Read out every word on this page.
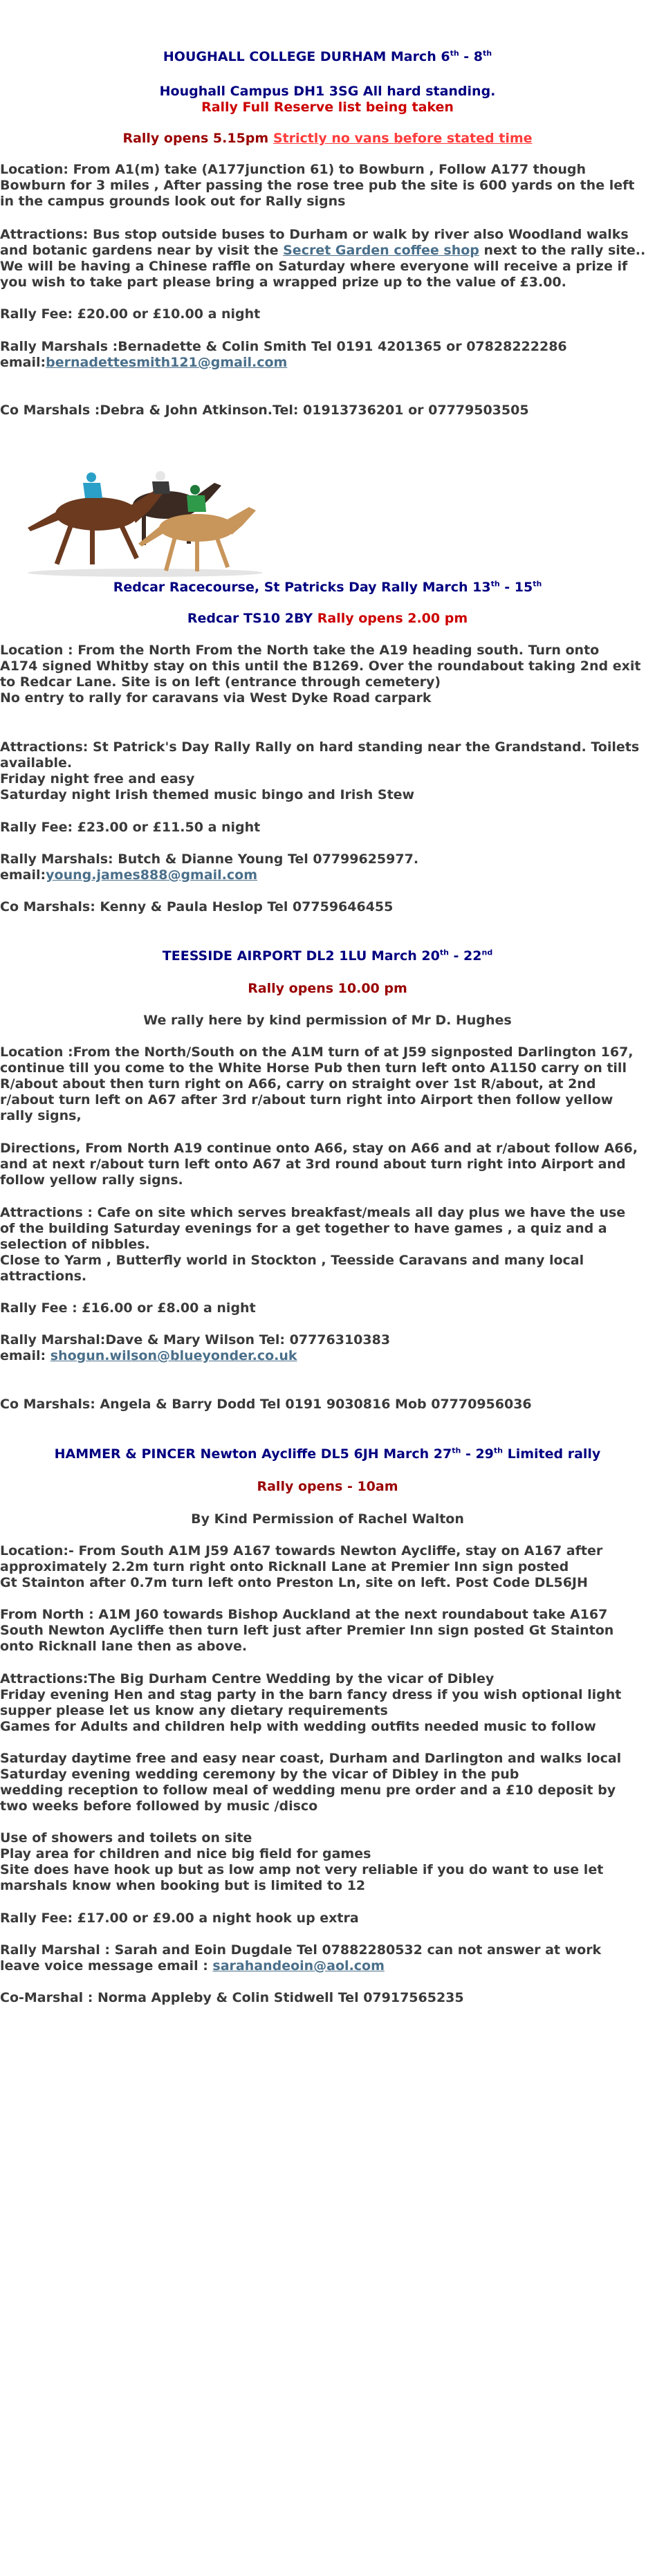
HOUGHALL COLLEGE DURHAM March 6th - 8th

Houghall Campus DH1 3SG All hard standing.

Rally Full Reserve list being taken

Rally opens 5.15pm Strictly no vans before stated time

Location: From A1(m) take (A177junction 61) to Bowburn , Follow A177 though

Bowburn for 3 miles , After passing the rose tree pub the site is 600 yards on the left

in the campus grounds look out for Rally signs

Attractions: Bus stop outside buses to Durham or walk by river also Woodland walks

and botanic gardens near by visit the Secret Garden coffee shop next to the rally site..

We will be having a Chinese raffle on Saturday where everyone will receive a prize if

you wish to take part please bring a wrapped prize up to the value of £3.00.

Rally Fee: £20.00 or £10.00 a night

Rally Marshals :Bernadette & Colin Smith Tel 0191 4201365 or 07828222286

email:bernadettesmith121@gmail.com

Co Marshals :Debra & John Atkinson.Tel: 01913736201 or 07779503505

Redcar Racecourse, St Patricks Day Rally March 13th - 15th

Redcar TS10 2BY Rally opens 2.00 pm

Location : From the North From the North take the A19 heading south. Turn onto

A174 signed Whitby stay on this until the B1269. Over the roundabout taking 2nd exit

to Redcar Lane. Site is on left (entrance through cemetery)

No entry to rally for caravans via West Dyke Road carpark

Attractions: St Patrick's Day Rally Rally on hard standing near the Grandstand. Toilets

available.

Friday night free and easy

Saturday night Irish themed music bingo and Irish Stew

Rally Fee: £23.00 or £11.50 a night

Rally Marshals: Butch & Dianne Young Tel 07799625977.

email:young.james888@gmail.com

Co Marshals: Kenny & Paula Heslop Tel 07759646455

TEESSIDE AIRPORT DL2 1LU March 20th - 22nd

Rally opens 10.00 pm

We rally here by kind permission of Mr D. Hughes

Location :From the North/South on the A1M turn of at J59 signposted Darlington 167,

continue till you come to the White Horse Pub then turn left onto A1150 carry on till

R/about about then turn right on A66, carry on straight over 1st R/about, at 2nd

r/about turn left on A67 after 3rd r/about turn right into Airport then follow yellow

rally signs,

Directions, From North A19 continue onto A66, stay on A66 and at r/about follow A66,

and at next r/about turn left onto A67 at 3rd round about turn right into Airport and

follow yellow rally signs.

Attractions : Cafe on site which serves breakfast/meals all day plus we have the use

of the building Saturday evenings for a get together to have games , a quiz and a

selection of nibbles.

Close to Yarm , Butterfly world in Stockton , Teesside Caravans and many local

attractions.

Rally Fee : £16.00 or £8.00 a night

Rally Marshal:Dave & Mary Wilson Tel: 07776310383

email: shogun.wilson@blueyonder.co.uk

Co Marshals: Angela & Barry Dodd Tel 0191 9030816 Mob 07770956036

HAMMER & PINCER Newton Aycliffe DL5 6JH March 27th - 29th Limited rally

Rally opens - 10am

By Kind Permission of Rachel Walton

Location:- From South A1M J59 A167 towards Newton Aycliffe, stay on A167 after

approximately 2.2m turn right onto Ricknall Lane at Premier Inn sign posted

Gt Stainton after 0.7m turn left onto Preston Ln, site on left. Post Code DL56JH

From North : A1M J60 towards Bishop Auckland at the next roundabout take A167

South Newton Aycliffe then turn left just after Premier Inn sign posted Gt Stainton

onto Ricknall lane then as above.

Attractions:The Big Durham Centre Wedding by the vicar of Dibley

Friday evening Hen and stag party in the barn fancy dress if you wish optional light

supper please let us know any dietary requirements

Games for Adults and children help with wedding outfits needed music to follow

Saturday daytime free and easy near coast, Durham and Darlington and walks local

Saturday evening wedding ceremony by the vicar of Dibley in the pub

wedding reception to follow meal of wedding menu pre order and a £10 deposit by

two weeks before followed by music /disco

Use of showers and toilets on site

Play area for children and nice big field for games

Site does have hook up but as low amp not very reliable if you do want to use let

marshals know when booking but is limited to 12

Rally Fee: £17.00 or £9.00 a night hook up extra

Rally Marshal : Sarah and Eoin Dugdale Tel 07882280532 can not answer at work

leave voice message email : sarahandeoin@aol.com

Co-Marshal : Norma Appleby & Colin Stidwell Tel 07917565235
